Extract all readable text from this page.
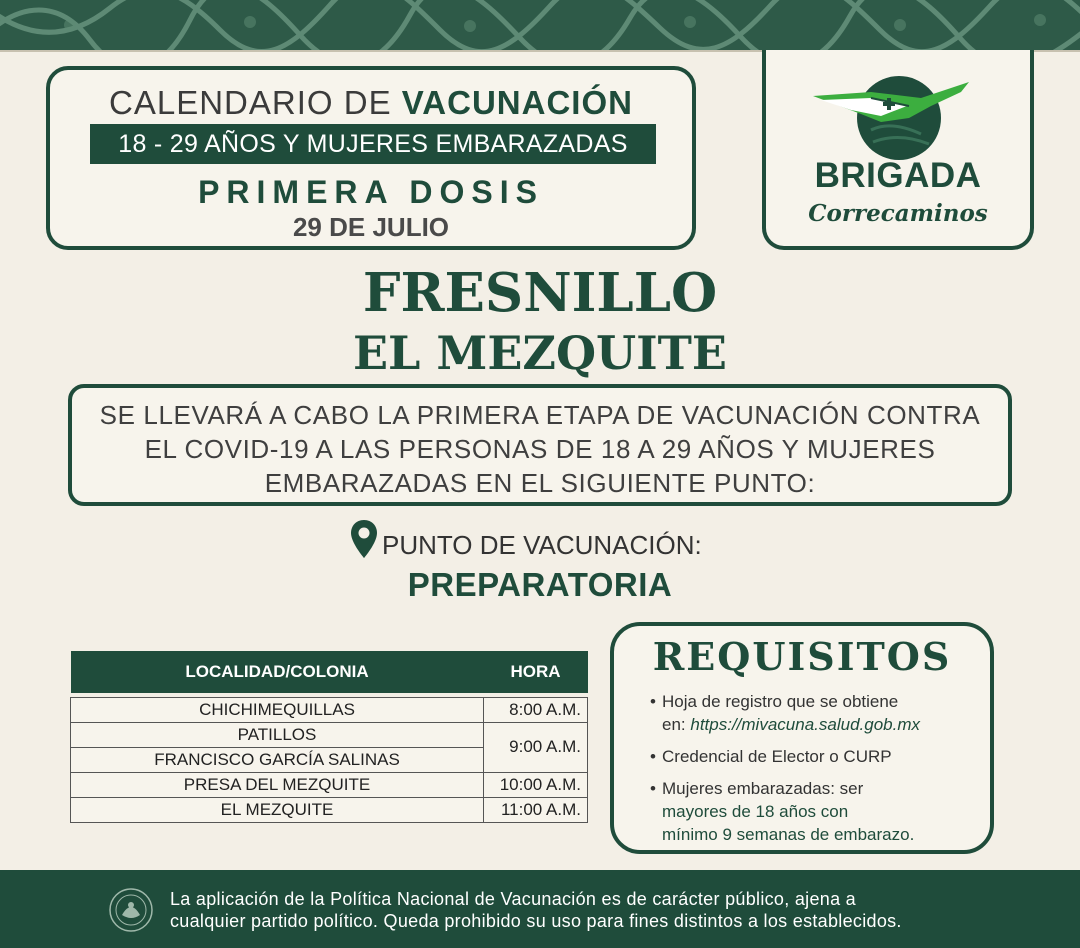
CALENDARIO DE VACUNACIÓN
18 - 29 AÑOS Y MUJERES EMBARAZADAS
PRIMERA DOSIS
29 DE JULIO
BRIGADA
Correcaminos
FRESNILLO
EL MEZQUITE
SE LLEVARÁ A CABO LA PRIMERA ETAPA DE VACUNACIÓN CONTRA EL COVID-19 A LAS PERSONAS DE 18 A 29 AÑOS Y MUJERES EMBARAZADAS EN EL SIGUIENTE PUNTO:
PUNTO DE VACUNACIÓN:
PREPARATORIA
LOCALIDAD/COLONIA	HORA

CHICHIMEQUILLAS	8:00 A.M.
PATILLOS	9:00 A.M.
FRANCISCO GARCÍA SALINAS	
PRESA DEL MEZQUITE	10:00 A.M.
EL MEZQUITE	11:00 A.M.
REQUISITOS
• Hoja de registro que se obtiene
en: https://mivacuna.salud.gob.mx
• Credencial de Elector o CURP
• Mujeres embarazadas: ser
mayores de 18 años con
mínimo 9 semanas de embarazo.
La aplicación de la Política Nacional de Vacunación es de carácter público, ajena a
cualquier partido político. Queda prohibido su uso para fines distintos a los establecidos.
